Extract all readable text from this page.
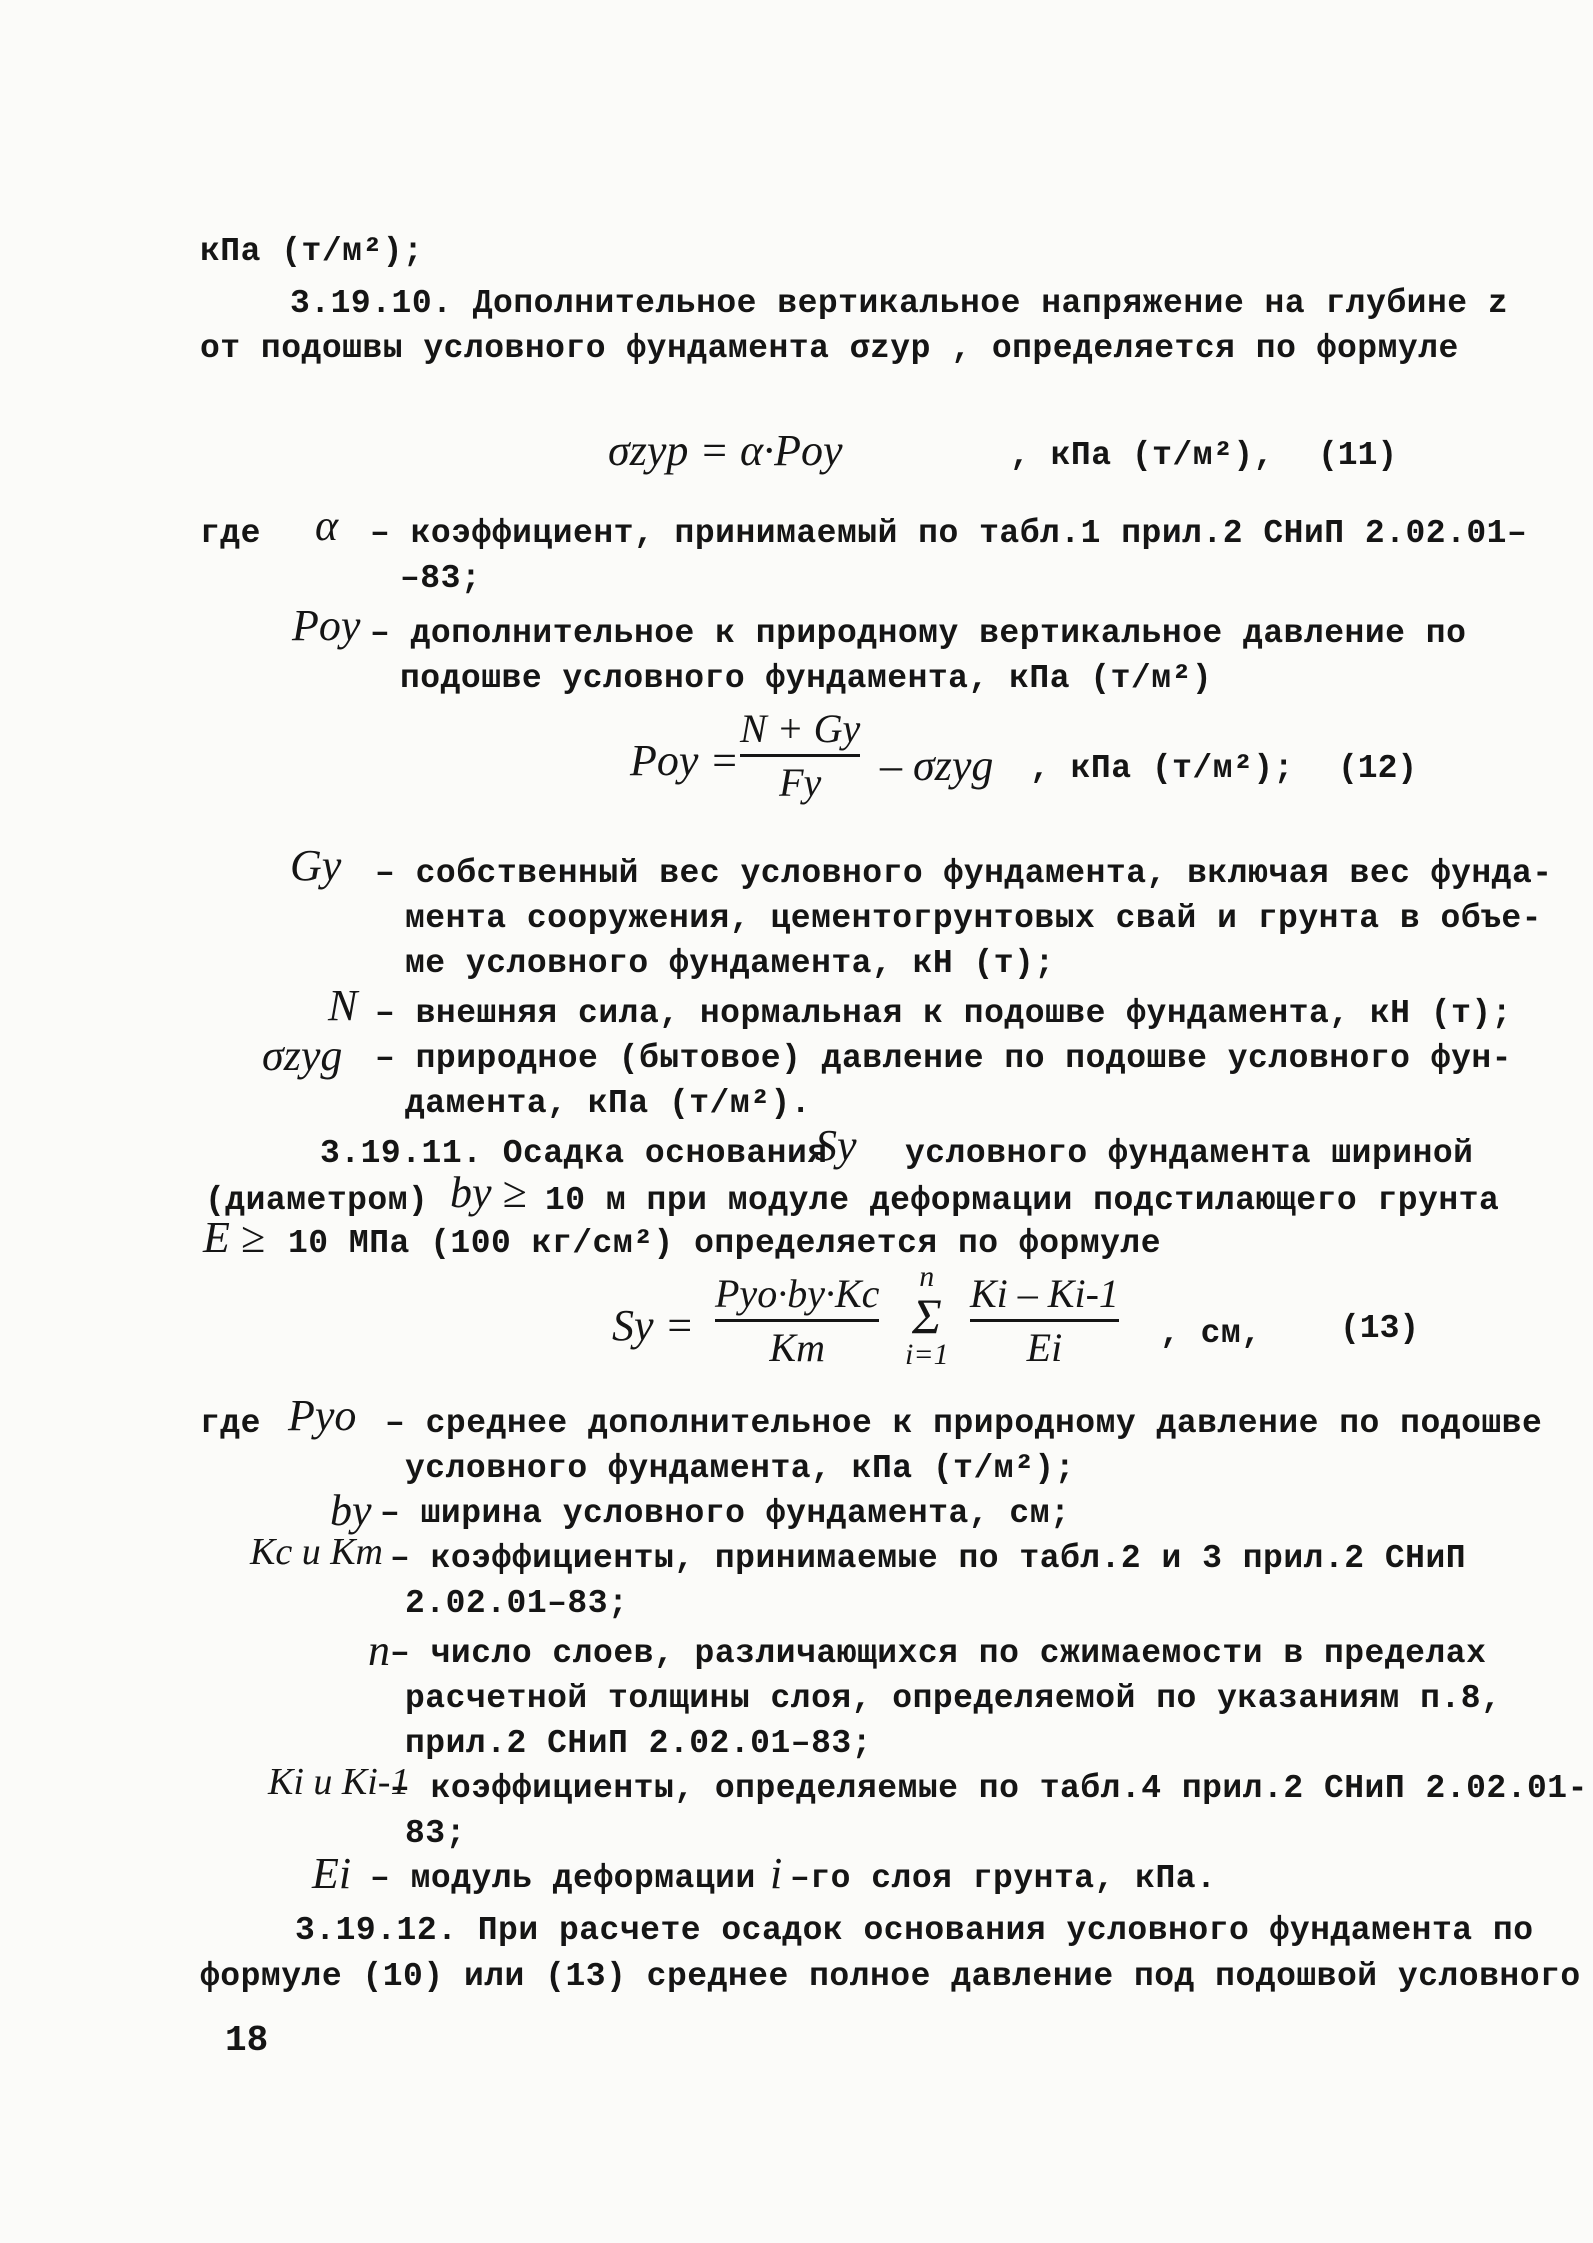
кПа (т/м²);
3.19.10. Дополнительное вертикальное напряжение на глубине z
от подошвы условного фундамента σzyp , определяется по формуле
σzyp = α·Poy	, кПа (т/м²), (11)
где α – коэффициент, принимаемый по табл.1 прил.2 СНиП 2.02.01–
–83;
Poy – дополнительное к природному вертикальное давление по
подошве условного фундамента, кПа (т/м²)
Poy =
N + Gy
Fy – σzyg , кПа (т/м²); (12)
Gy – собственный вес условного фундамента, включая вес фунда-
мента сооружения, цементогрунтовых свай и грунта в объе-
ме условного фундамента, кН (т);
N – внешняя сила, нормальная к подошве фундамента, кН (т);
σzyg – природное (бытовое) давление по подошве условного фун-
дамента, кПа (т/м²).
3.19.11. Осадка основания
Sy условного фундамента шириной
(диаметром) by ≥ 10 м при модуле деформации подстилающего грунта
E ≥ 10 МПа (100 кг/см²) определяется по формуле
Sy =
Pyo·by·Kc
Km
n
Σ
i=1
Ki – Ki-1
Ei	, см, (13)
где Pyo – среднее дополнительное к природному давление по подошве
условного фундамента, кПа (т/м²);
by – ширина условного фундамента, см;
Kc и Km – коэффициенты, принимаемые по табл.2 и 3 прил.2 СНиП
2.02.01–83;
n – число слоев, различающихся по сжимаемости в пределах
расчетной толщины слоя, определяемой по указаниям п.8,
прил.2 СНиП 2.02.01–83;
Ki и Ki-1
– коэффициенты, определяемые по табл.4 прил.2 СНиП 2.02.01-
83;
Ei – модуль деформации i –го слоя грунта, кПа.
3.19.12. При расчете осадок основания условного фундамента по
формуле (10) или (13) среднее полное давление под подошвой условного
18
